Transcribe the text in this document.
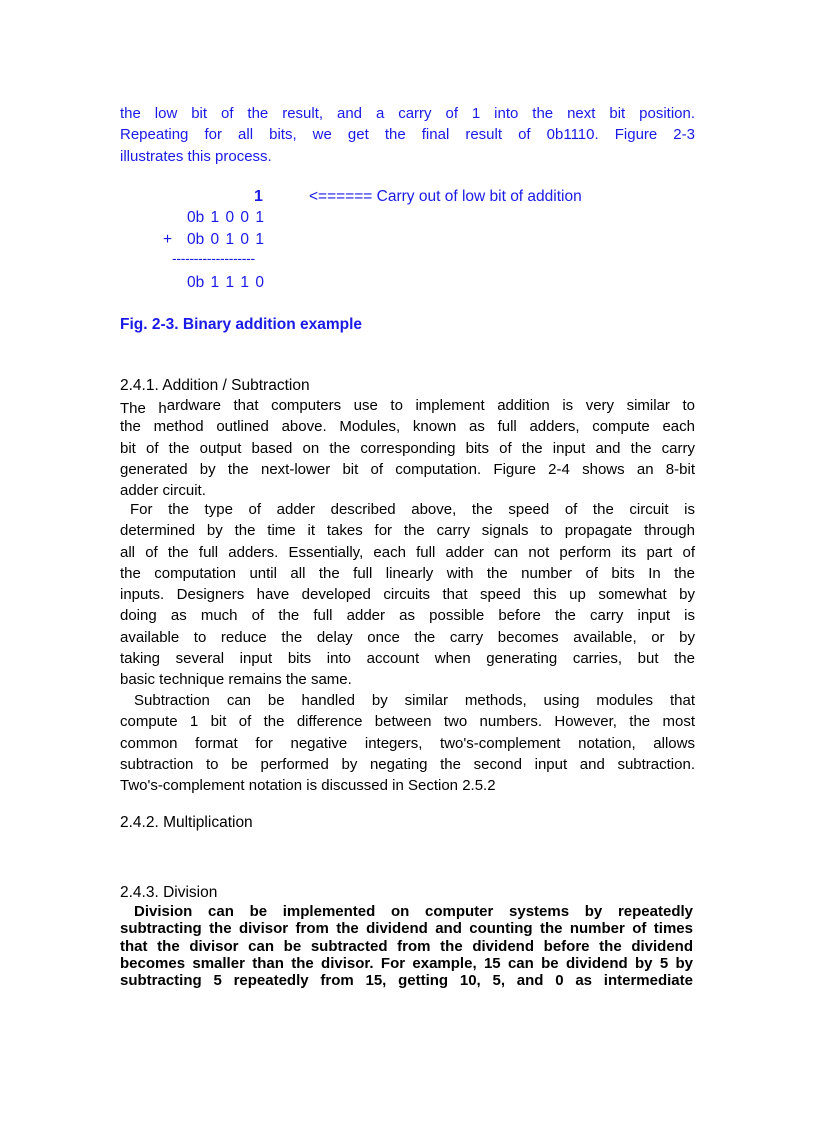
the low bit of the result, and a carry of 1 into the next bit position.
Repeating for all bits, we get the final result of 0b1110. Figure 2-3
illustrates this process.
1	<====== Carry out of low bit of addition
0b 1 0 0 1
+ 0b 0 1 0 1
-------------------
0b 1 1 1 0
Fig. 2-3. Binary addition example
2.4.1. Addition / Subtraction
The hardware that computers use to implement addition is very similar to
the method outlined above. Modules, known as full adders, compute each
bit of the output based on the corresponding bits of the input and the carry
generated by the next-lower bit of computation. Figure 2-4 shows an 8-bit
adder circuit.
For the type of adder described above, the speed of the circuit is
determined by the time it takes for the carry signals to propagate through
all of the full adders. Essentially, each full adder can not perform its part of
the computation until all the full linearly with the number of bits In the
inputs. Designers have developed circuits that speed this up somewhat by
doing as much of the full adder as possible before the carry input is
available to reduce the delay once the carry becomes available, or by
taking several input bits into account when generating carries, but the
basic technique remains the same.
Subtraction can be handled by similar methods, using modules that
compute 1 bit of the difference between two numbers. However, the most
common format for negative integers, two's-complement notation, allows
subtraction to be performed by negating the second input and subtraction.
Two's-complement notation is discussed in Section 2.5.2
2.4.2. Multiplication
2.4.3. Division
Division can be implemented on computer systems by repeatedly
subtracting the divisor from the dividend and counting the number of times
that the divisor can be subtracted from the dividend before the dividend
becomes smaller than the divisor. For example, 15 can be dividend by 5 by
subtracting 5 repeatedly from 15, getting 10, 5, and 0 as intermediate
